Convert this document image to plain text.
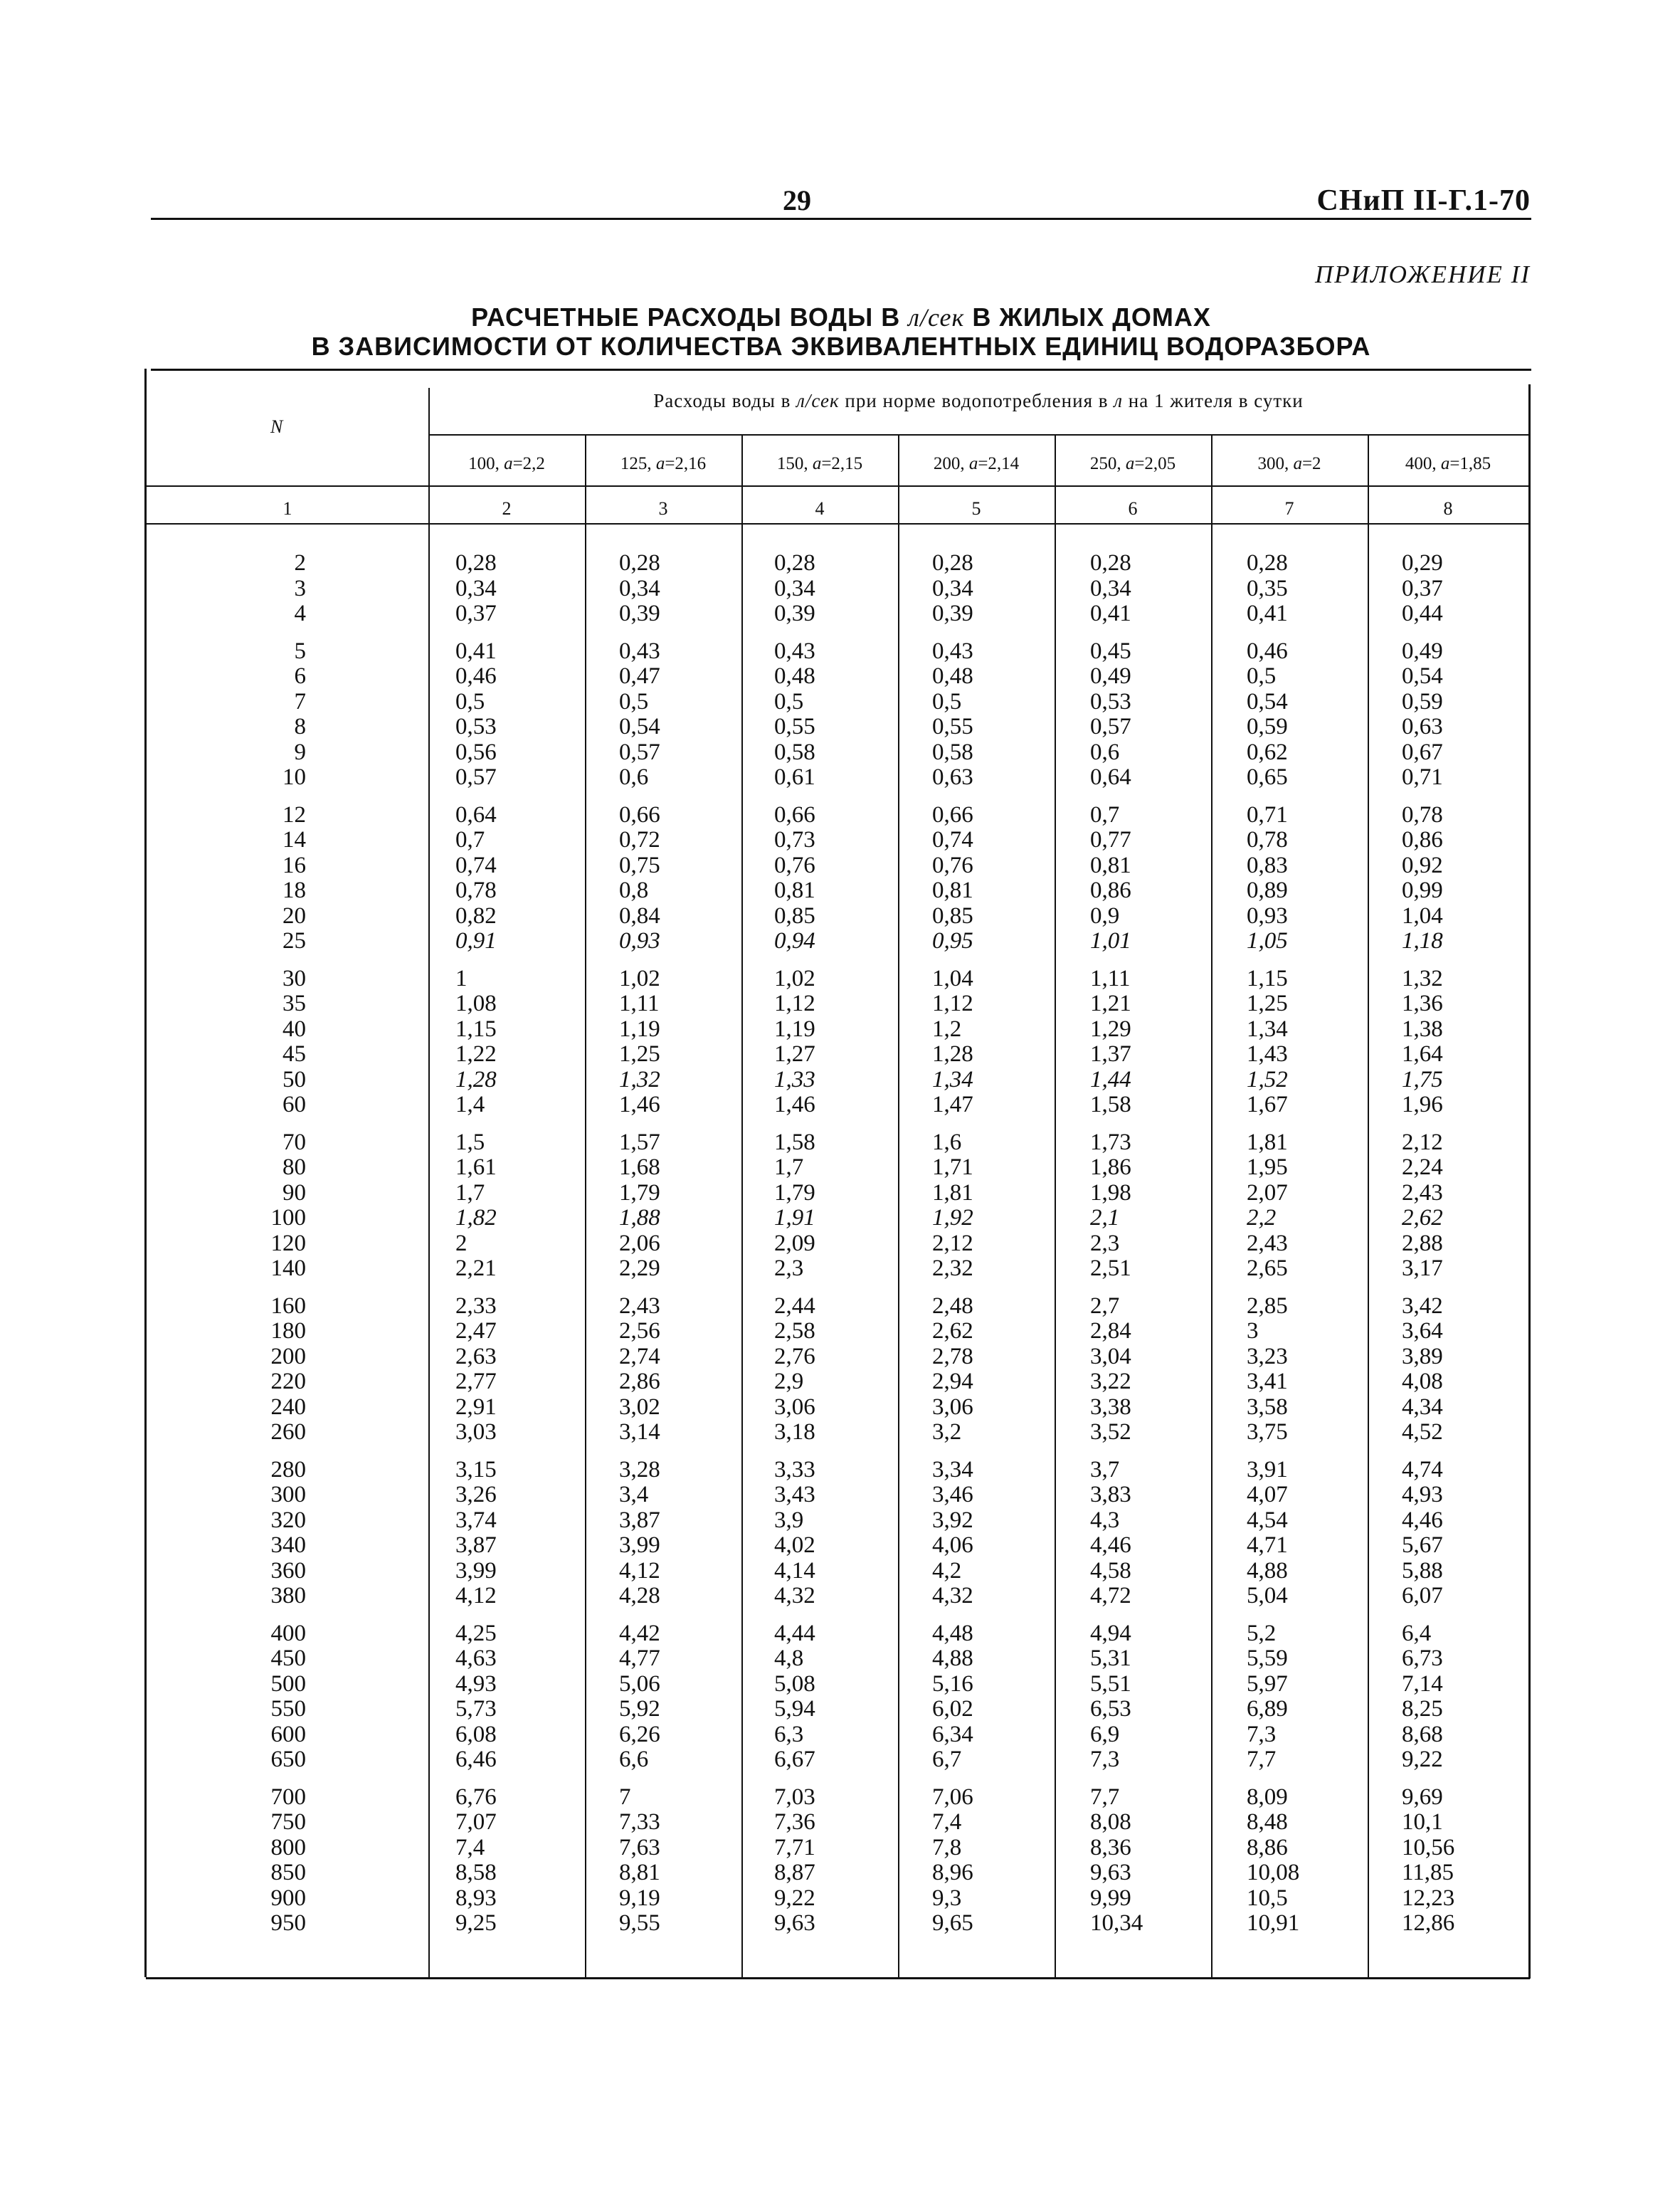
29	СНиП II-Г.1-70
ПРИЛОЖЕНИЕ II
РАСЧЕТНЫЕ РАСХОДЫ ВОДЫ В л/сек В ЖИЛЫХ ДОМАХ
В ЗАВИСИМОСТИ ОТ КОЛИЧЕСТВА ЭКВИВАЛЕНТНЫХ ЕДИНИЦ ВОДОРАЗБОРА
N
Расходы воды в л/сек при норме водопотребления в л на 1 жителя в сутки
100, a=2,2	125, a=2,16	150, a=2,15	200, a=2,14	250, a=2,05	300, a=2	400, a=1,85
1	2	3	4	5	6	7	8
2	0,28	0,28	0,28	0,28	0,28	0,28	0,29
3	0,34	0,34	0,34	0,34	0,34	0,35	0,37
4	0,37	0,39	0,39	0,39	0,41	0,41	0,44
5	0,41	0,43	0,43	0,43	0,45	0,46	0,49
6	0,46	0,47	0,48	0,48	0,49	0,5	0,54
7	0,5	0,5	0,5	0,5	0,53	0,54	0,59
8	0,53	0,54	0,55	0,55	0,57	0,59	0,63
9	0,56	0,57	0,58	0,58	0,6	0,62	0,67
10	0,57	0,6	0,61	0,63	0,64	0,65	0,71
12	0,64	0,66	0,66	0,66	0,7	0,71	0,78
14	0,7	0,72	0,73	0,74	0,77	0,78	0,86
16	0,74	0,75	0,76	0,76	0,81	0,83	0,92
18	0,78	0,8	0,81	0,81	0,86	0,89	0,99
20	0,82	0,84	0,85	0,85	0,9	0,93	1,04
25	0,91	0,93	0,94	0,95	1,01	1,05	1,18
30	1	1,02	1,02	1,04	1,11	1,15	1,32
35	1,08	1,11	1,12	1,12	1,21	1,25	1,36
40	1,15	1,19	1,19	1,2	1,29	1,34	1,38
45	1,22	1,25	1,27	1,28	1,37	1,43	1,64
50	1,28	1,32	1,33	1,34	1,44	1,52	1,75
60	1,4	1,46	1,46	1,47	1,58	1,67	1,96
70	1,5	1,57	1,58	1,6	1,73	1,81	2,12
80	1,61	1,68	1,7	1,71	1,86	1,95	2,24
90	1,7	1,79	1,79	1,81	1,98	2,07	2,43
100	1,82	1,88	1,91	1,92	2,1	2,2	2,62
120	2	2,06	2,09	2,12	2,3	2,43	2,88
140	2,21	2,29	2,3	2,32	2,51	2,65	3,17
160	2,33	2,43	2,44	2,48	2,7	2,85	3,42
180	2,47	2,56	2,58	2,62	2,84	3	3,64
200	2,63	2,74	2,76	2,78	3,04	3,23	3,89
220	2,77	2,86	2,9	2,94	3,22	3,41	4,08
240	2,91	3,02	3,06	3,06	3,38	3,58	4,34
260	3,03	3,14	3,18	3,2	3,52	3,75	4,52
280	3,15	3,28	3,33	3,34	3,7	3,91	4,74
300	3,26	3,4	3,43	3,46	3,83	4,07	4,93
320	3,74	3,87	3,9	3,92	4,3	4,54	4,46
340	3,87	3,99	4,02	4,06	4,46	4,71	5,67
360	3,99	4,12	4,14	4,2	4,58	4,88	5,88
380	4,12	4,28	4,32	4,32	4,72	5,04	6,07
400	4,25	4,42	4,44	4,48	4,94	5,2	6,4
450	4,63	4,77	4,8	4,88	5,31	5,59	6,73
500	4,93	5,06	5,08	5,16	5,51	5,97	7,14
550	5,73	5,92	5,94	6,02	6,53	6,89	8,25
600	6,08	6,26	6,3	6,34	6,9	7,3	8,68
650	6,46	6,6	6,67	6,7	7,3	7,7	9,22
700	6,76	7	7,03	7,06	7,7	8,09	9,69
750	7,07	7,33	7,36	7,4	8,08	8,48	10,1
800	7,4	7,63	7,71	7,8	8,36	8,86	10,56
850	8,58	8,81	8,87	8,96	9,63	10,08	11,85
900	8,93	9,19	9,22	9,3	9,99	10,5	12,23
950	9,25	9,55	9,63	9,65	10,34	10,91	12,86
